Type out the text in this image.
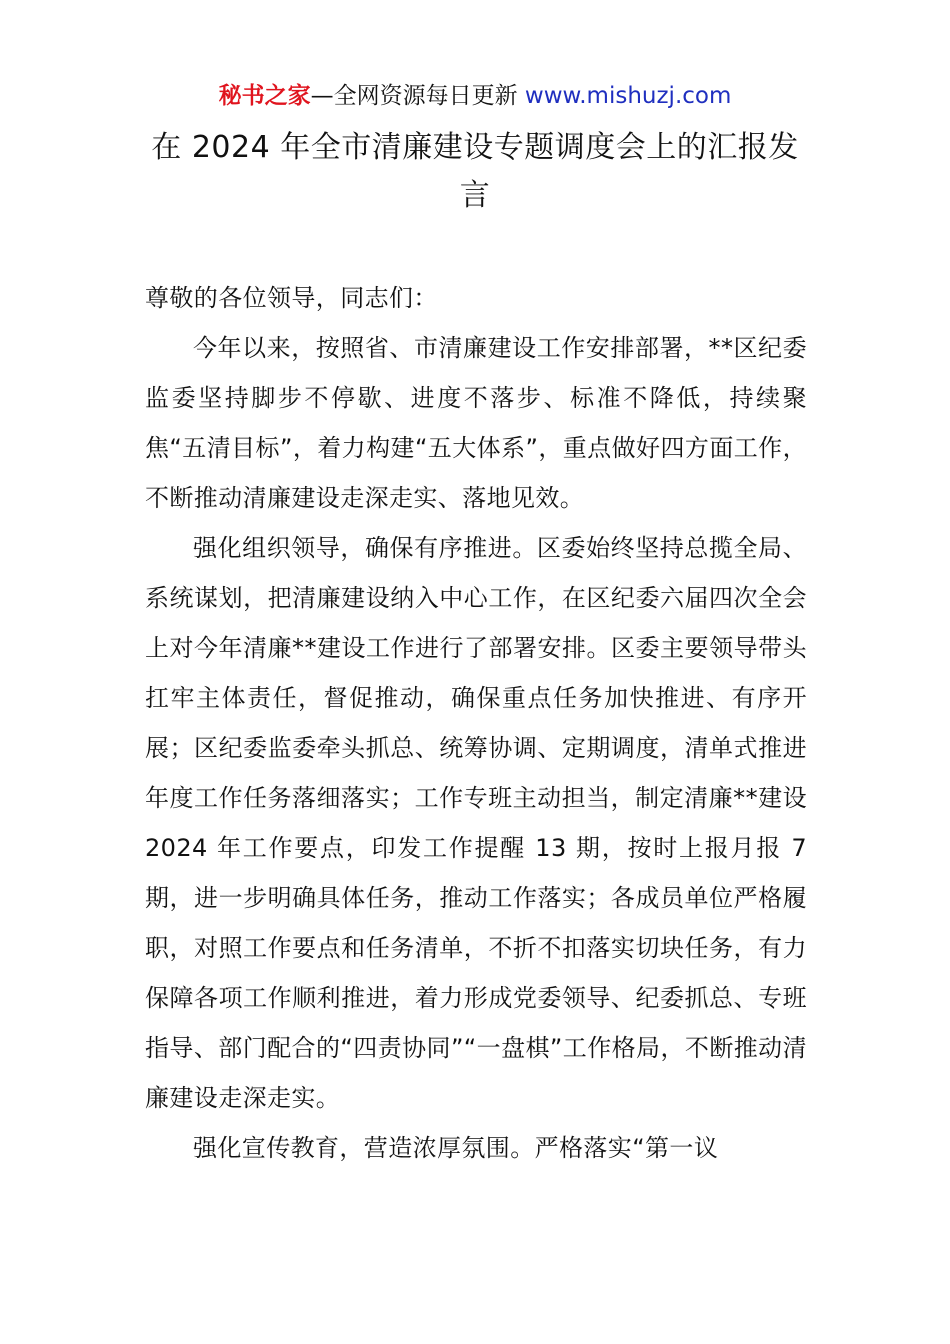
秘书之家—全网资源每日更新 www.mishuzj.com
在 2024 年全市清廉建设专题调度会上的汇报发言

尊敬的各位领导，同志们：

今年以来，按照省、市清廉建设工作安排部署，**区纪委监委坚持脚步不停歇、进度不落步、标准不降低，持续聚焦“五清目标”，着力构建“五大体系”，重点做好四方面工作，不断推动清廉建设走深走实、落地见效。

强化组织领导，确保有序推进。区委始终坚持总揽全局、系统谋划，把清廉建设纳入中心工作，在区纪委六届四次全会上对今年清廉**建设工作进行了部署安排。区委主要领导带头扛牢主体责任，督促推动，确保重点任务加快推进、有序开展；区纪委监委牵头抓总、统筹协调、定期调度，清单式推进年度工作任务落细落实；工作专班主动担当，制定清廉**建设 2024 年工作要点，印发工作提醒 13 期，按时上报月报 7 期，进一步明确具体任务，推动工作落实；各成员单位严格履职，对照工作要点和任务清单，不折不扣落实切块任务，有力保障各项工作顺利推进，着力形成党委领导、纪委抓总、专班指导、部门配合的“四责协同”“一盘棋”工作格局，不断推动清廉建设走深走实。

强化宣传教育，营造浓厚氛围。严格落实“第一议
